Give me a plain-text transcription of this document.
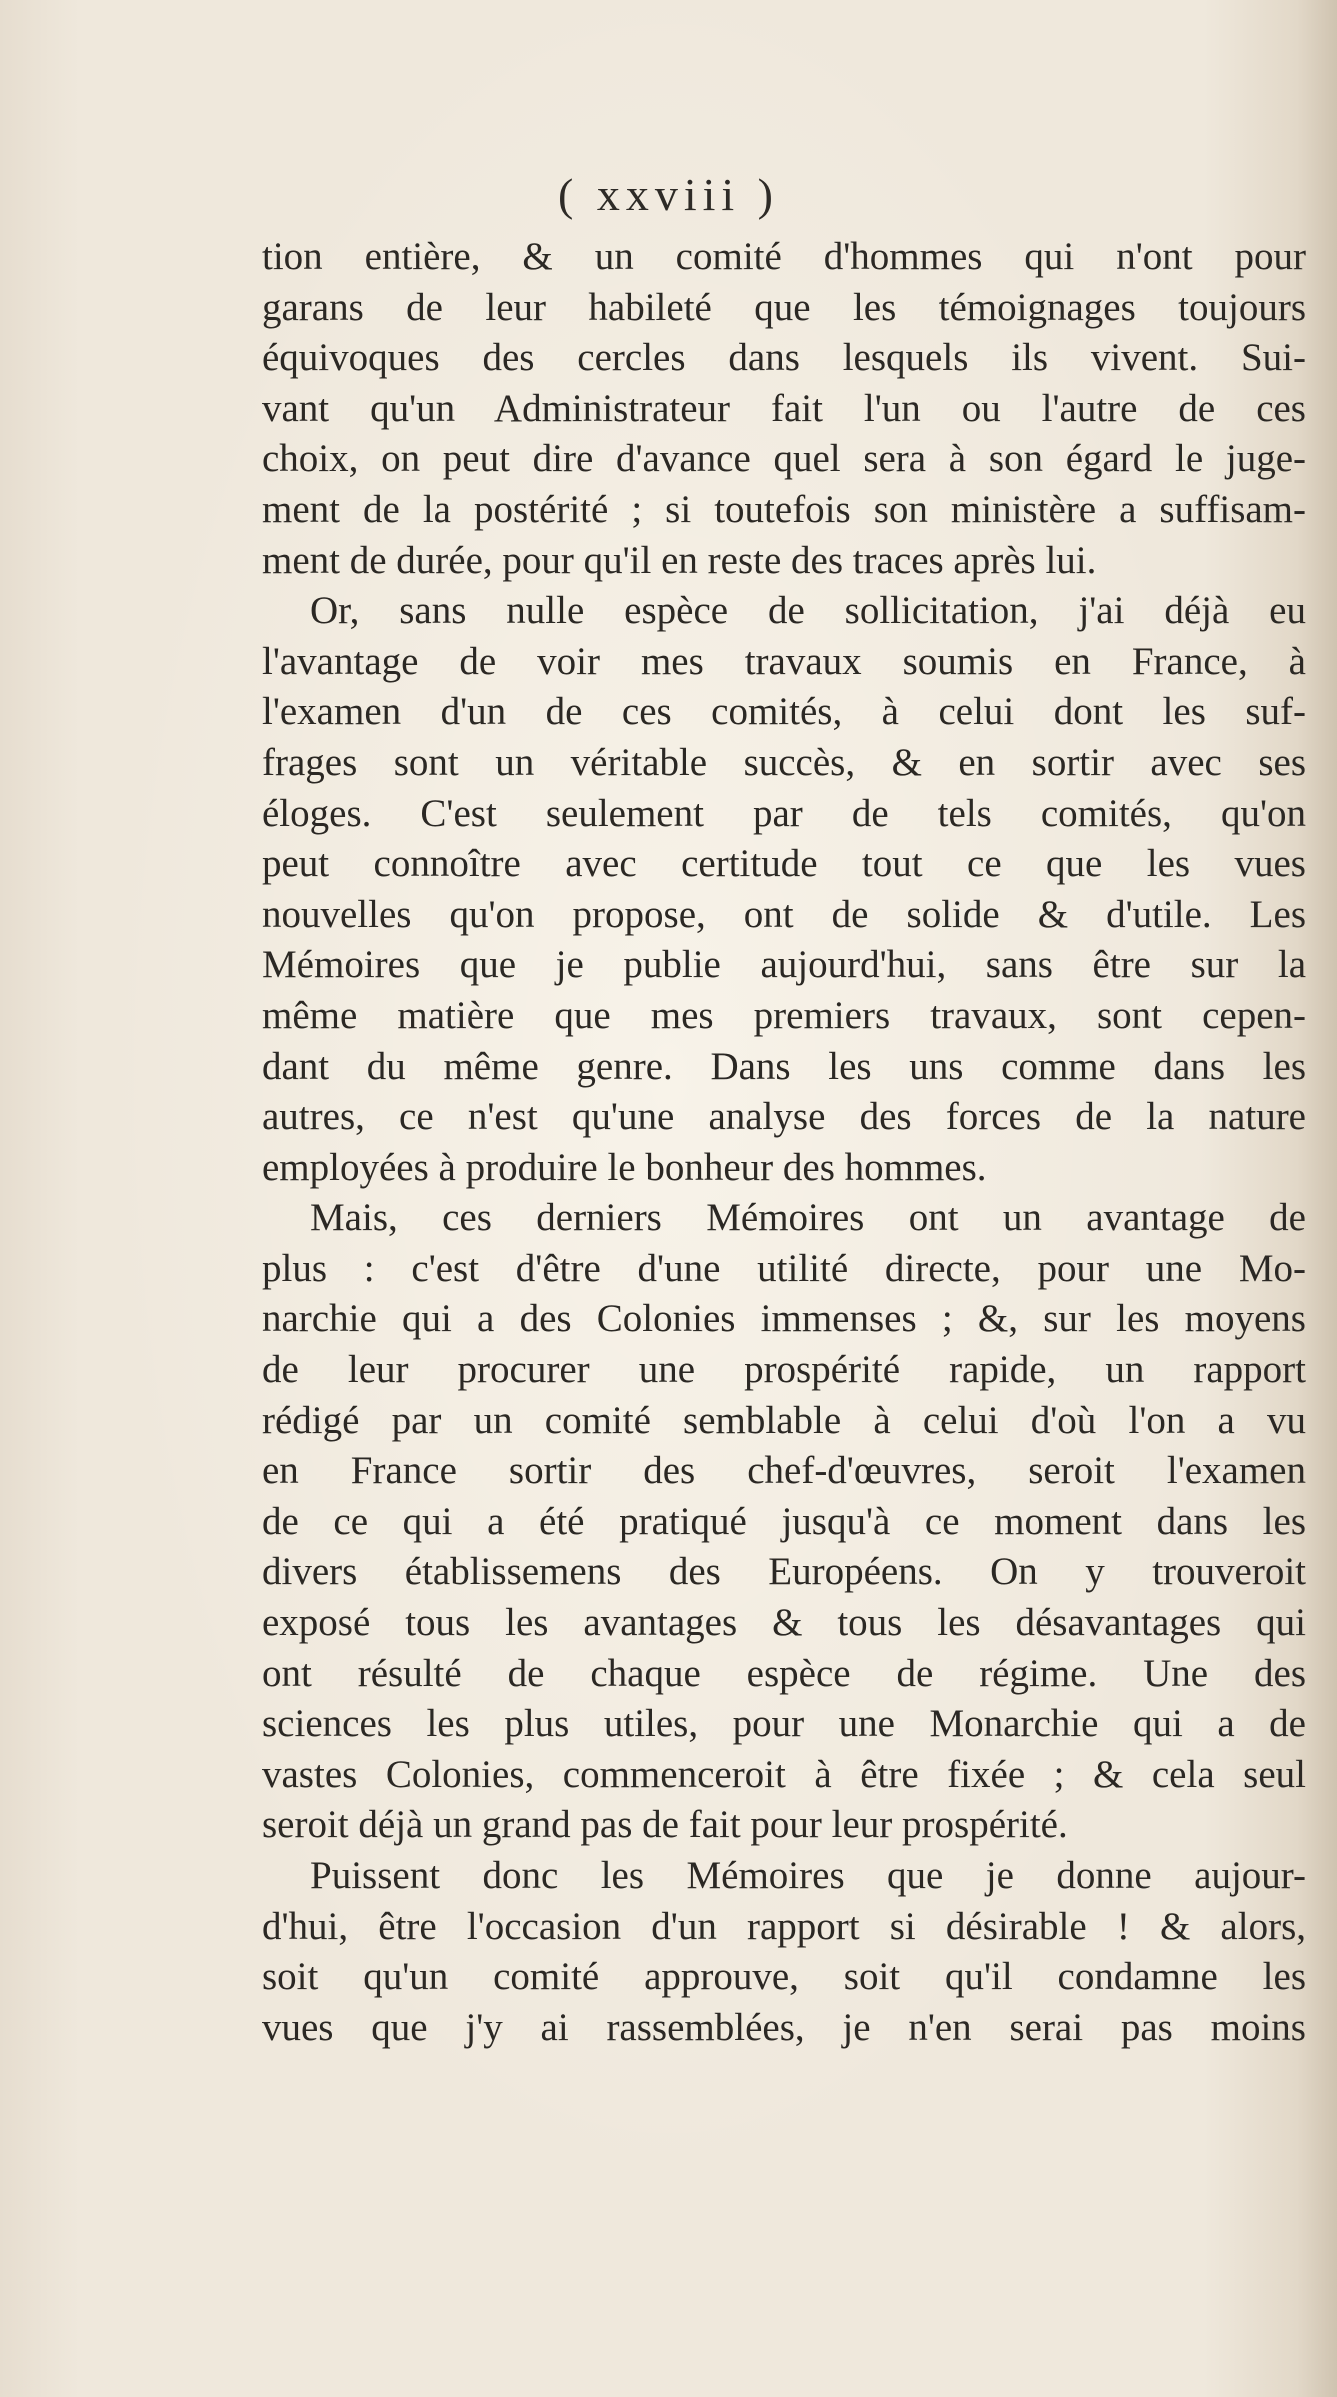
( xxviii )
tion entière, & un comité d'hommes qui n'ont pour
garans de leur habileté que les témoignages toujours
équivoques des cercles dans lesquels ils vivent. Sui-
vant qu'un Administrateur fait l'un ou l'autre de ces
choix, on peut dire d'avance quel sera à son égard le juge-
ment de la postérité ; si toutefois son ministère a suffisam-
ment de durée, pour qu'il en reste des traces après lui.
Or, sans nulle espèce de sollicitation, j'ai déjà eu
l'avantage de voir mes travaux soumis en France, à
l'examen d'un de ces comités, à celui dont les suf-
frages sont un véritable succès, & en sortir avec ses
éloges. C'est seulement par de tels comités, qu'on
peut connoître avec certitude tout ce que les vues
nouvelles qu'on propose, ont de solide & d'utile. Les
Mémoires que je publie aujourd'hui, sans être sur la
même matière que mes premiers travaux, sont cepen-
dant du même genre. Dans les uns comme dans les
autres, ce n'est qu'une analyse des forces de la nature
employées à produire le bonheur des hommes.
Mais, ces derniers Mémoires ont un avantage de
plus : c'est d'être d'une utilité directe, pour une Mo-
narchie qui a des Colonies immenses ; &, sur les moyens
de leur procurer une prospérité rapide, un rapport
rédigé par un comité semblable à celui d'où l'on a vu
en France sortir des chef-d'œuvres, seroit l'examen
de ce qui a été pratiqué jusqu'à ce moment dans les
divers établissemens des Européens. On y trouveroit
exposé tous les avantages & tous les désavantages qui
ont résulté de chaque espèce de régime. Une des
sciences les plus utiles, pour une Monarchie qui a de
vastes Colonies, commenceroit à être fixée ; & cela seul
seroit déjà un grand pas de fait pour leur prospérité.
Puissent donc les Mémoires que je donne aujour-
d'hui, être l'occasion d'un rapport si désirable ! & alors,
soit qu'un comité approuve, soit qu'il condamne les
vues que j'y ai rassemblées, je n'en serai pas moins
